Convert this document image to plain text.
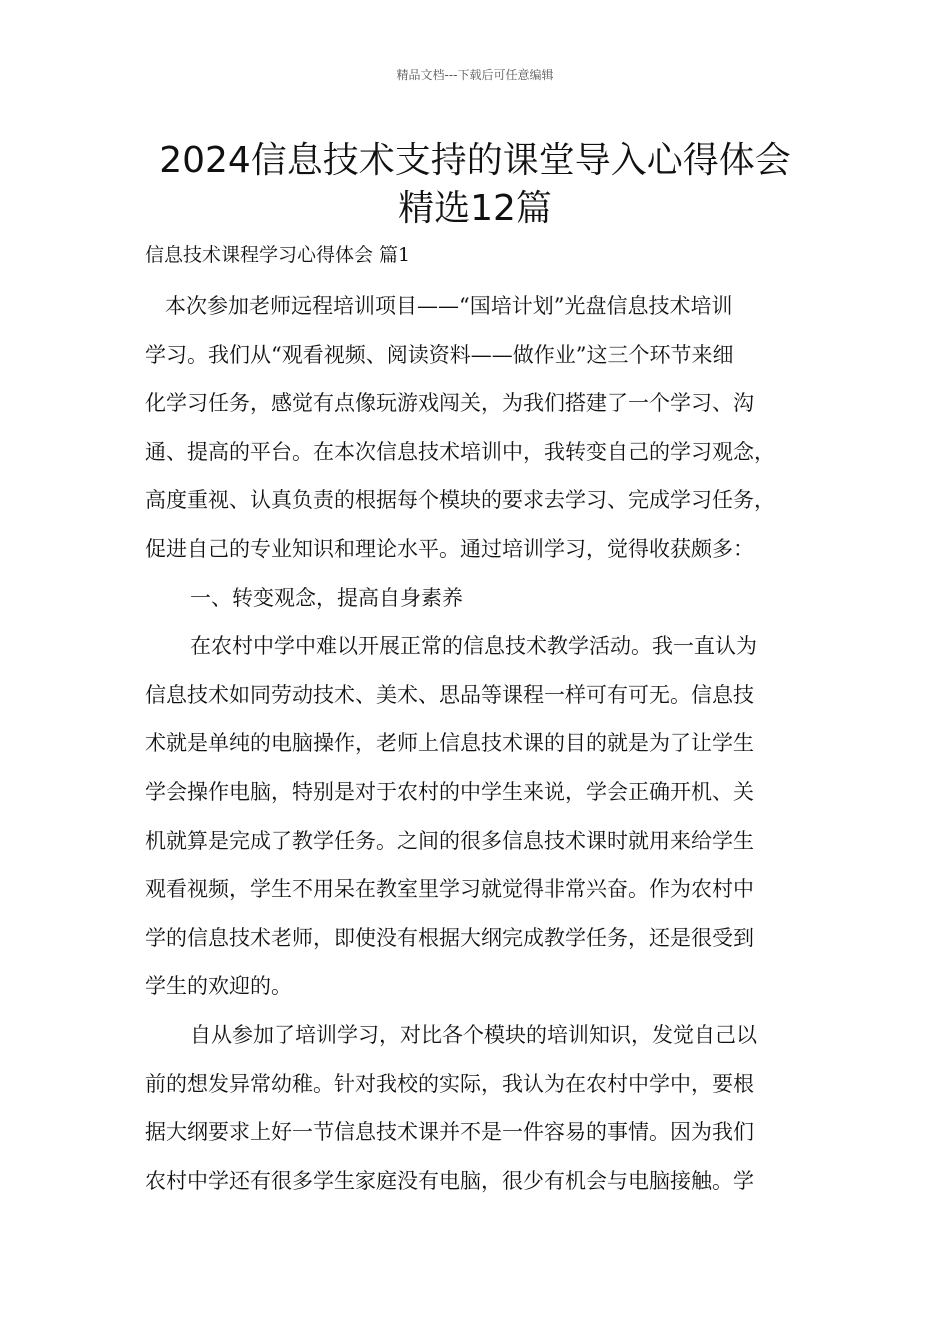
精品文档---下载后可任意编辑
2024信息技术支持的课堂导入心得体会
精选12篇
信息技术课程学习心得体会 篇1
本次参加老师远程培训项目——“国培计划”光盘信息技术培训
学习。我们从“观看视频、阅读资料——做作业”这三个环节来细
化学习任务，感觉有点像玩游戏闯关，为我们搭建了一个学习、沟
通、提高的平台。在本次信息技术培训中，我转变自己的学习观念，
高度重视、认真负责的根据每个模块的要求去学习、完成学习任务，
促进自己的专业知识和理论水平。通过培训学习，觉得收获颇多：
一、转变观念，提高自身素养
在农村中学中难以开展正常的信息技术教学活动。我一直认为
信息技术如同劳动技术、美术、思品等课程一样可有可无。信息技
术就是单纯的电脑操作，老师上信息技术课的目的就是为了让学生
学会操作电脑，特别是对于农村的中学生来说，学会正确开机、关
机就算是完成了教学任务。之间的很多信息技术课时就用来给学生
观看视频，学生不用呆在教室里学习就觉得非常兴奋。作为农村中
学的信息技术老师，即使没有根据大纲完成教学任务，还是很受到
学生的欢迎的。
自从参加了培训学习，对比各个模块的培训知识，发觉自己以
前的想发异常幼稚。针对我校的实际，我认为在农村中学中，要根
据大纲要求上好一节信息技术课并不是一件容易的事情。因为我们
农村中学还有很多学生家庭没有电脑，很少有机会与电脑接触。学
